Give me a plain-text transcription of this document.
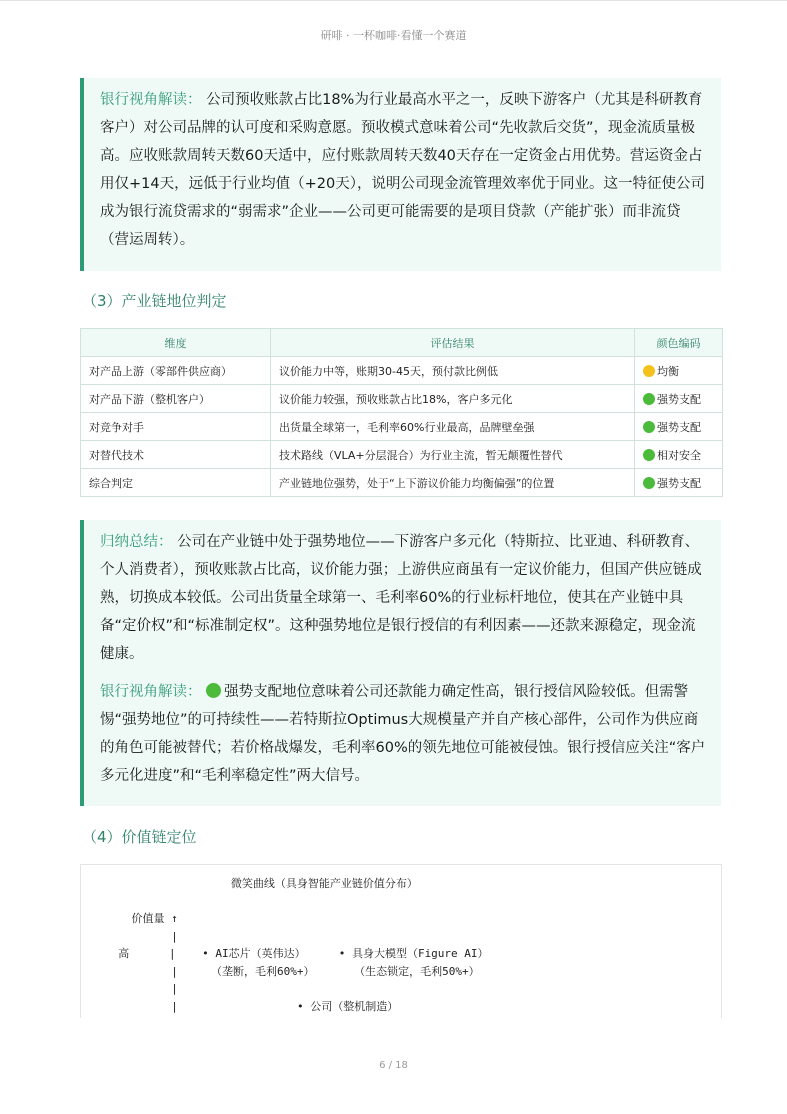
研啡 · 一杯咖啡·看懂一个赛道

银行视角解读： 公司预收账款占比18%为行业最高水平之一，反映下游客户（尤其是科研教育客户）对公司品牌的认可度和采购意愿。预收模式意味着公司“先收款后交货”，现金流质量极高。应收账款周转天数60天适中，应付账款周转天数40天存在一定资金占用优势。营运资金占用仅+14天，远低于行业均值（+20天），说明公司现金流管理效率优于同业。这一特征使公司成为银行流贷需求的“弱需求”企业——公司更可能需要的是项目贷款（产能扩张）而非流贷（营运周转）。

（3）产业链地位判定
维度	评估结果	颜色编码
对产品上游（零部件供应商）	议价能力中等，账期30-45天，预付款比例低	均衡
对产品下游（整机客户）	议价能力较强，预收账款占比18%，客户多元化	强势支配
对竞争对手	出货量全球第一，毛利率60%行业最高，品牌壁垒强	强势支配
对替代技术	技术路线（VLA+分层混合）为行业主流，暂无颠覆性替代	相对安全
综合判定	产业链地位强势，处于“上下游议价能力均衡偏强”的位置	强势支配

归纳总结： 公司在产业链中处于强势地位——下游客户多元化（特斯拉、比亚迪、科研教育、个人消费者），预收账款占比高，议价能力强；上游供应商虽有一定议价能力，但国产供应链成熟，切换成本较低。公司出货量全球第一、毛利率60%的行业标杆地位，使其在产业链中具备“定价权”和“标准制定权”。这种强势地位是银行授信的有利因素——还款来源稳定，现金流健康。

银行视角解读： 强势支配地位意味着公司还款能力确定性高，银行授信风险较低。但需警惕“强势地位”的可持续性——若特斯拉Optimus大规模量产并自产核心部件，公司作为供应商的角色可能被替代；若价格战爆发，毛利率60%的领先地位可能被侵蚀。银行授信应关注“客户多元化进度”和“毛利率稳定性”两大信号。

（4）价值链定位
微笑曲线（具身智能产业链价值分布）

价值量 ↑
|
高      |    • AI芯片（英伟达）     • 具身大模型（Figure AI）
|     （垄断，毛利60%+）      （生态锁定，毛利50%+）
|
|                  • 公司（整机制造）
6 / 18
